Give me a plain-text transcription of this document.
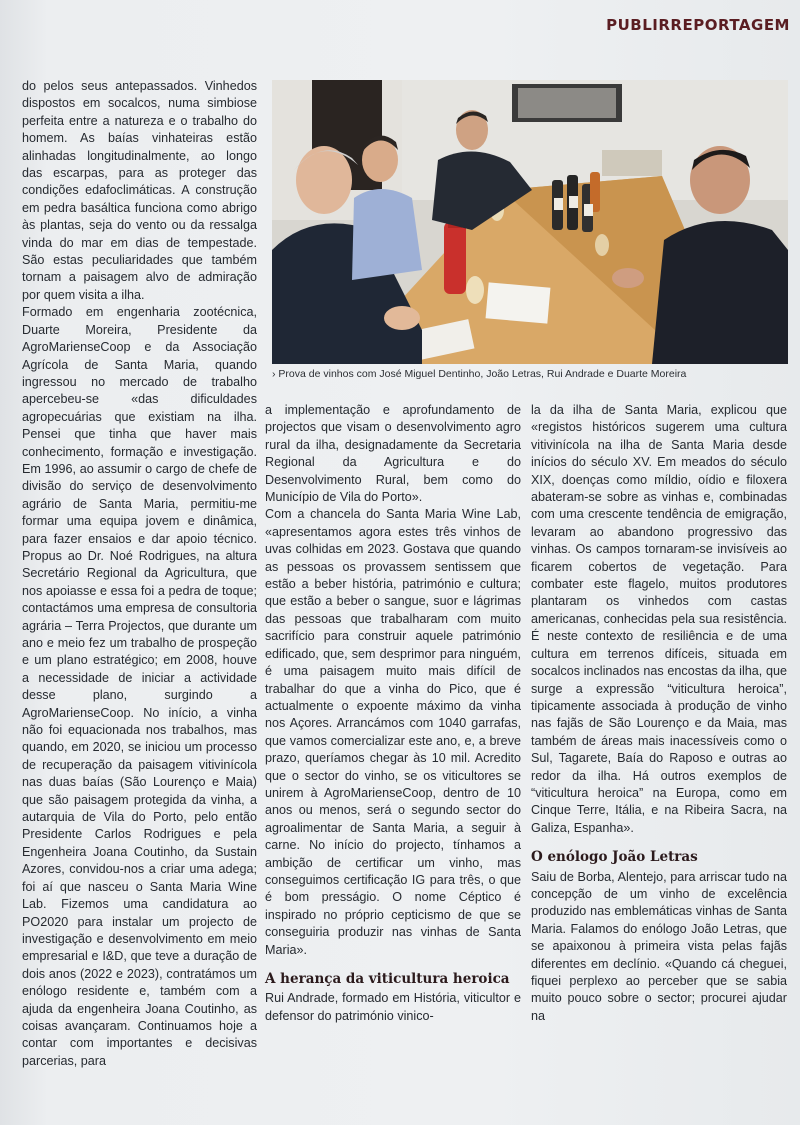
PUBLIRREPORTAGEM
› Prova de vinhos com José Miguel Dentinho, João Letras, Rui Andrade e Duarte Moreira

do pelos seus antepassados. Vinhedos dispostos em socalcos, numa simbiose perfeita entre a natureza e o trabalho do homem. As baías vinhateiras estão alinhadas longitudinalmente, ao longo das escarpas, para as proteger das condições edafoclimáticas. A construção em pedra basáltica funciona como abrigo às plantas, seja do vento ou da ressalga vinda do mar em dias de tempestade. São estas peculiaridades que também tornam a paisagem alvo de admiração por quem visita a ilha.

Formado em engenharia zootécnica, Duarte Moreira, Presidente da AgroMarienseCoop e da Associação Agrícola de Santa Maria, quando ingressou no mercado de trabalho apercebeu-se «das dificuldades agropecuárias que existiam na ilha. Pensei que tinha que haver mais conhecimento, formação e investigação. Em 1996, ao assumir o cargo de chefe de divisão do serviço de desenvolvimento agrário de Santa Maria, permitiu-me formar uma equipa jovem e dinâmica, para fazer ensaios e dar apoio técnico. Propus ao Dr. Noé Rodrigues, na altura Secretário Regional da Agricultura, que nos apoiasse e essa foi a pedra de toque; contactámos uma empresa de consultoria agrária – Terra Projectos, que durante um ano e meio fez um trabalho de prospeção e um plano estratégico; em 2008, houve a necessidade de iniciar a actividade desse plano, surgindo a AgroMarienseCoop. No início, a vinha não foi equacionada nos trabalhos, mas quando, em 2020, se iniciou um processo de recuperação da paisagem vitivinícola nas duas baías (São Lourenço e Maia) que são paisagem protegida da vinha, a autarquia de Vila do Porto, pelo então Presidente Carlos Rodrigues e pela Engenheira Joana Coutinho, da Sustain Azores, convidou-nos a criar uma adega; foi aí que nasceu o Santa Maria Wine Lab. Fizemos uma candidatura ao PO2020 para instalar um projecto de investigação e desenvolvimento em meio empresarial e I&D, que teve a duração de dois anos (2022 e 2023), contratámos um enólogo residente e, também com a ajuda da engenheira Joana Coutinho, as coisas avançaram. Continuamos hoje a contar com importantes e decisivas parcerias, para

a implementação e aprofundamento de projectos que visam o desenvolvimento agro rural da ilha, designadamente da Secretaria Regional da Agricultura e do Desenvolvimento Rural, bem como do Município de Vila do Porto».

Com a chancela do Santa Maria Wine Lab, «apresentamos agora estes três vinhos de uvas colhidas em 2023. Gostava que quando as pessoas os provassem sentissem que estão a beber história, património e cultura; que estão a beber o sangue, suor e lágrimas das pessoas que trabalharam com muito sacrifício para construir aquele património edificado, que, sem desprimor para ninguém, é uma paisagem muito mais difícil de trabalhar do que a vinha do Pico, que é actualmente o expoente máximo da vinha nos Açores. Arrancámos com 1040 garrafas, que vamos comercializar este ano, e, a breve prazo, queríamos chegar às 10 mil. Acredito que o sector do vinho, se os viticultores se unirem à AgroMarienseCoop, dentro de 10 anos ou menos, será o segundo sector do agroalimentar de Santa Maria, a seguir à carne. No início do projecto, tínhamos a ambição de certificar um vinho, mas conseguimos certificação IG para três, o que é bom presságio. O nome Céptico é inspirado no próprio cepticismo de que se conseguiria produzir nas vinhas de Santa Maria».

A herança da viticultura heroica

Rui Andrade, formado em História, viticultor e defensor do património vinico-

la da ilha de Santa Maria, explicou que «registos históricos sugerem uma cultura vitivinícola na ilha de Santa Maria desde inícios do século XV. Em meados do século XIX, doenças como míldio, oídio e filoxera abateram-se sobre as vinhas e, combinadas com uma crescente tendência de emigração, levaram ao abandono progressivo das vinhas. Os campos tornaram-se invisíveis ao ficarem cobertos de vegetação. Para combater este flagelo, muitos produtores plantaram os vinhedos com castas americanas, conhecidas pela sua resistência. É neste contexto de resiliência e de uma cultura em terrenos difíceis, situada em socalcos inclinados nas encostas da ilha, que surge a expressão “viticultura heroica”, tipicamente associada à produção de vinho nas fajãs de São Lourenço e da Maia, mas também de áreas mais inacessíveis como o Sul, Tagarete, Baía do Raposo e outras ao redor da ilha. Há outros exemplos de “viticultura heroica” na Europa, como em Cinque Terre, Itália, e na Ribeira Sacra, na Galiza, Espanha».

O enólogo João Letras

Saiu de Borba, Alentejo, para arriscar tudo na concepção de um vinho de excelência produzido nas emblemáticas vinhas de Santa Maria. Falamos do enólogo João Letras, que se apaixonou à primeira vista pelas fajãs diferentes em declínio. «Quando cá cheguei, fiquei perplexo ao perceber que se sabia muito pouco sobre o sector; procurei ajudar na
